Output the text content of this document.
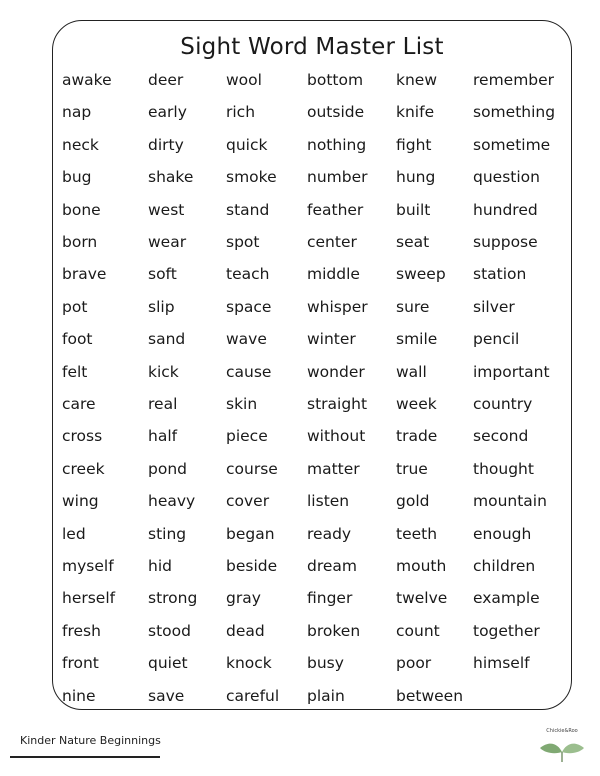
Sight Word Master List
awake
nap
neck
bug
bone
born
brave
pot
foot
felt
care
cross
creek
wing
led
myself
herself
fresh
front
nine
deer
early
dirty
shake
west
wear
soft
slip
sand
kick
real
half
pond
heavy
sting
hid
strong
stood
quiet
save
wool
rich
quick
smoke
stand
spot
teach
space
wave
cause
skin
piece
course
cover
began
beside
gray
dead
knock
careful
bottom
outside
nothing
number
feather
center
middle
whisper
winter
wonder
straight
without
matter
listen
ready
dream
finger
broken
busy
plain
knew
knife
fight
hung
built
seat
sweep
sure
smile
wall
week
trade
true
gold
teeth
mouth
twelve
count
poor
between
remember
something
sometime
question
hundred
suppose
station
silver
pencil
important
country
second
thought
mountain
enough
children
example
together
himself
Kinder Nature Beginnings
Chickie&Roo
